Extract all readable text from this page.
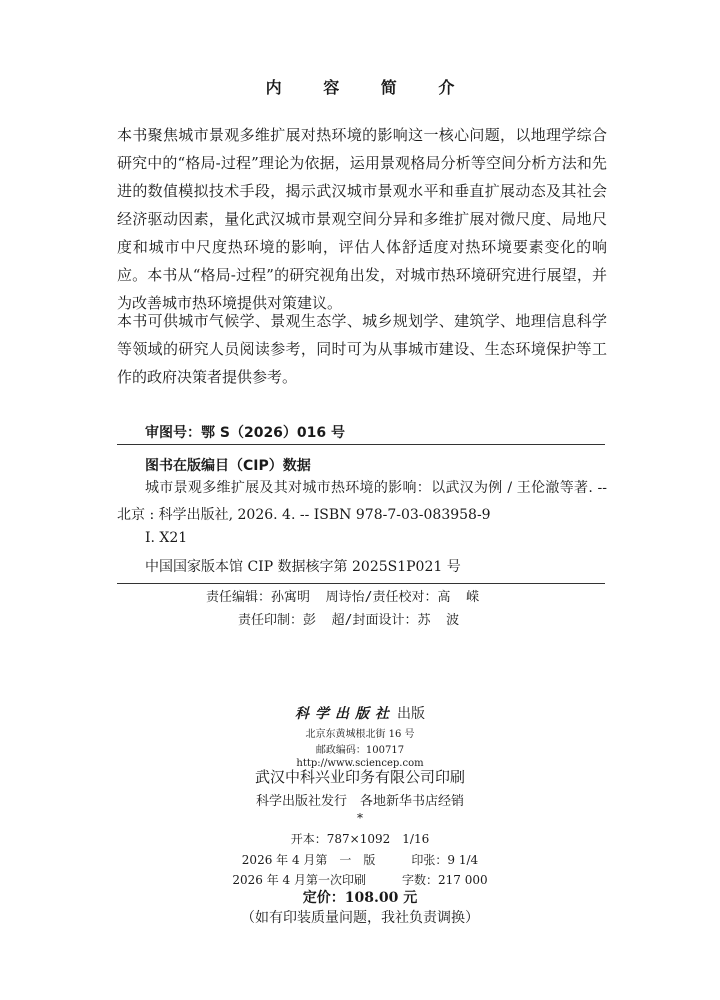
内 容 简 介

本书聚焦城市景观多维扩展对热环境的影响这一核心问题，以地理学综合研究中的“格局-过程”理论为依据，运用景观格局分析等空间分析方法和先进的数值模拟技术手段，揭示武汉城市景观水平和垂直扩展动态及其社会经济驱动因素，量化武汉城市景观空间分异和多维扩展对微尺度、局地尺度和城市中尺度热环境的影响，评估人体舒适度对热环境要素变化的响应。本书从“格局-过程”的研究视角出发，对城市热环境研究进行展望，并为改善城市热环境提供对策建议。

本书可供城市气候学、景观生态学、城乡规划学、建筑学、地理信息科学等领域的研究人员阅读参考，同时可为从事城市建设、生态环境保护等工作的政府决策者提供参考。

审图号：鄂 S（2026）016 号
图书在版编目（CIP）数据

城市景观多维扩展及其对城市热环境的影响：以武汉为例 / 王伦澈等著. -- 北京 : 科学出版社, 2026. 4. -- ISBN 978-7-03-083958-9

I. X21
中国国家版本馆 CIP 数据核字第 2025S1P021 号
责任编辑：孙寓明  周诗怡/责任校对：高  嵘
责任印制：彭  超/封面设计：苏  波
科学出版社 出版
北京东黄城根北街 16 号
邮政编码：100717
http://www.sciencep.com
武汉中科兴业印务有限公司印刷
科学出版社发行　各地新华书店经销
*
开本：787×1092　1/16
2026 年 4 月第　一　版　　　印张：9 1/4
2026 年 4 月第一次印刷　　　字数：217 000
定价：108.00 元
（如有印装质量问题，我社负责调换）
